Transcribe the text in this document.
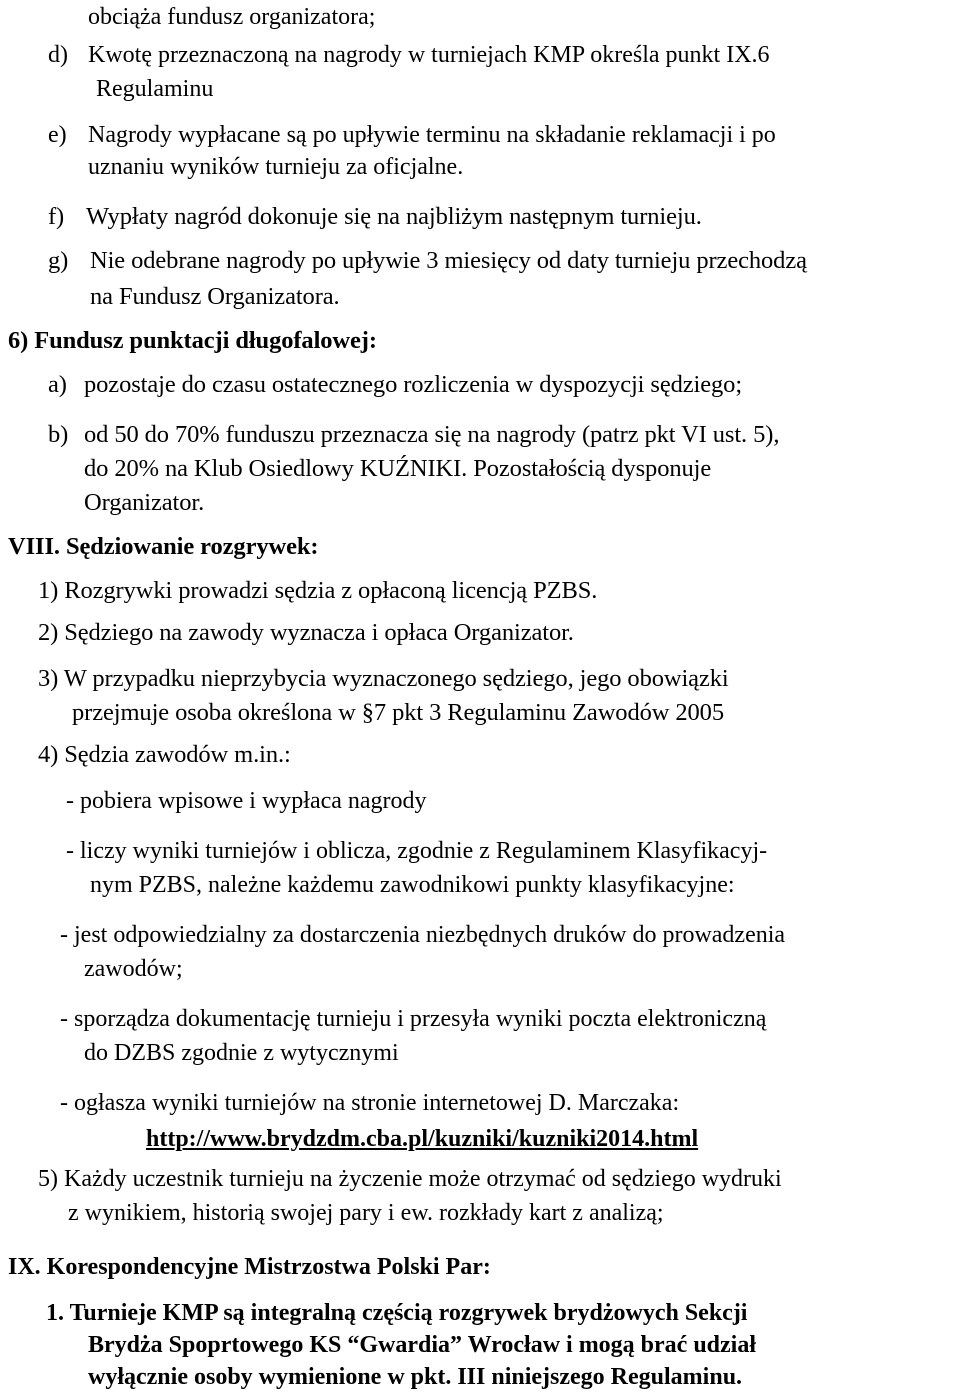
obciąża fundusz organizatora;
d) Kwotę przeznaczoną na nagrody w turniejach KMP określa punkt IX.6
Regulaminu
e) Nagrody wypłacane są po upływie terminu na składanie reklamacji i po
uznaniu wyników turnieju za oficjalne.
f) Wypłaty nagród dokonuje się na najbliżym następnym turnieju.
g) Nie odebrane nagrody po upływie 3 miesięcy od daty turnieju przechodzą
na Fundusz Organizatora.
6) Fundusz punktacji długofalowej:
a) pozostaje do czasu ostatecznego rozliczenia w dyspozycji sędziego;
b) od 50 do 70% funduszu przeznacza się na nagrody (patrz pkt VI ust. 5),
do 20% na Klub Osiedlowy KUŹNIKI. Pozostałością dysponuje
Organizator.
VIII. Sędziowanie rozgrywek:
1) Rozgrywki prowadzi sędzia z opłaconą licencją PZBS.
2) Sędziego na zawody wyznacza i opłaca Organizator.
3) W przypadku nieprzybycia wyznaczonego sędziego, jego obowiązki
przejmuje osoba określona w §7 pkt 3 Regulaminu Zawodów 2005
4) Sędzia zawodów m.in.:
- pobiera wpisowe i wypłaca nagrody
- liczy wyniki turniejów i oblicza, zgodnie z Regulaminem Klasyfikacyj-
nym PZBS, należne każdemu zawodnikowi punkty klasyfikacyjne:
- jest odpowiedzialny za dostarczenia niezbędnych druków do prowadzenia
zawodów;
- sporządza dokumentację turnieju i przesyła wyniki poczta elektroniczną
do DZBS zgodnie z wytycznymi
- ogłasza wyniki turniejów na stronie internetowej D. Marczaka:
http://www.brydzdm.cba.pl/kuzniki/kuzniki2014.html
5) Każdy uczestnik turnieju na życzenie może otrzymać od sędziego wydruki
z wynikiem, historią swojej pary i ew. rozkłady kart z analizą;
IX. Korespondencyjne Mistrzostwa Polski Par:
1. Turnieje KMP są integralną częścią rozgrywek brydżowych Sekcji
Brydża Spoprtowego KS “Gwardia” Wrocław i mogą brać udział
wyłącznie osoby wymienione w pkt. III niniejszego Regulaminu.
